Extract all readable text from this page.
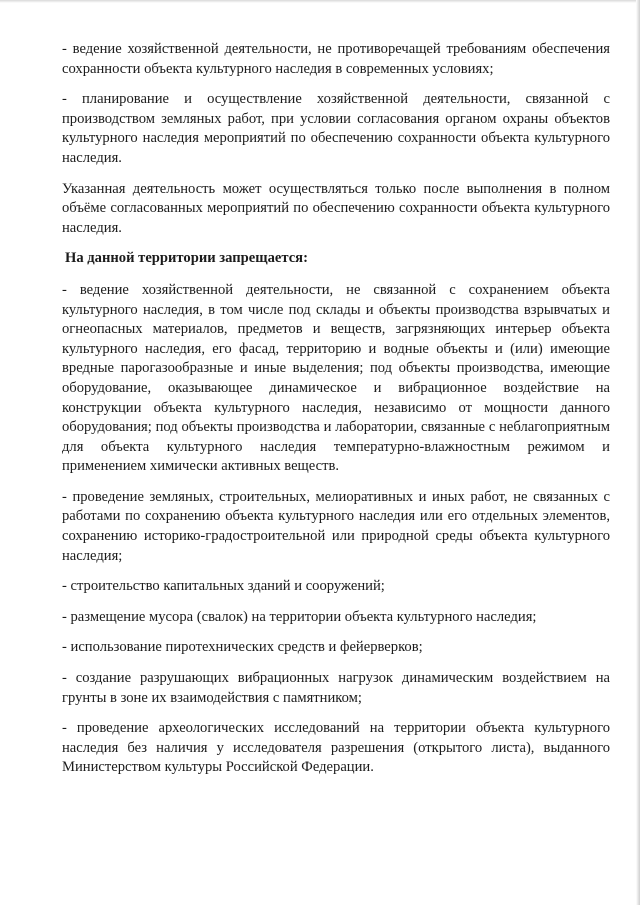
- ведение хозяйственной деятельности, не противоречащей требованиям обеспечения сохранности объекта культурного наследия в современных условиях;

- планирование и осуществление хозяйственной деятельности, связанной с производством земляных работ, при условии согласования органом охраны объектов культурного наследия мероприятий по обеспечению сохранности объекта культурного наследия.

Указанная деятельность может осуществляться только после выполнения в полном объёме согласованных мероприятий по обеспечению сохранности объекта культурного наследия.

На данной территории запрещается:

- ведение хозяйственной деятельности, не связанной с сохранением объекта культурного наследия, в том числе под склады и объекты производства взрывчатых и огнеопасных материалов, предметов и веществ, загрязняющих интерьер объекта культурного наследия, его фасад, территорию и водные объекты и (или) имеющие вредные парогазообразные и иные выделения; под объекты производства, имеющие оборудование, оказывающее динамическое и вибрационное воздействие на конструкции объекта культурного наследия, независимо от мощности данного оборудования; под объекты производства и лаборатории, связанные с неблагоприятным для объекта культурного наследия температурно-влажностным режимом и применением химически активных веществ.

- проведение земляных, строительных, мелиоративных и иных работ, не связанных с работами по сохранению объекта культурного наследия или его отдельных элементов, сохранению историко-градостроительной или природной среды объекта культурного наследия;

- строительство капитальных зданий и сооружений;

- размещение мусора (свалок) на территории объекта культурного наследия;

- использование пиротехнических средств и фейерверков;

- создание разрушающих вибрационных нагрузок динамическим воздействием на грунты в зоне их взаимодействия с памятником;

- проведение археологических исследований на территории объекта культурного наследия без наличия у исследователя разрешения (открытого листа), выданного Министерством культуры Российской Федерации.
